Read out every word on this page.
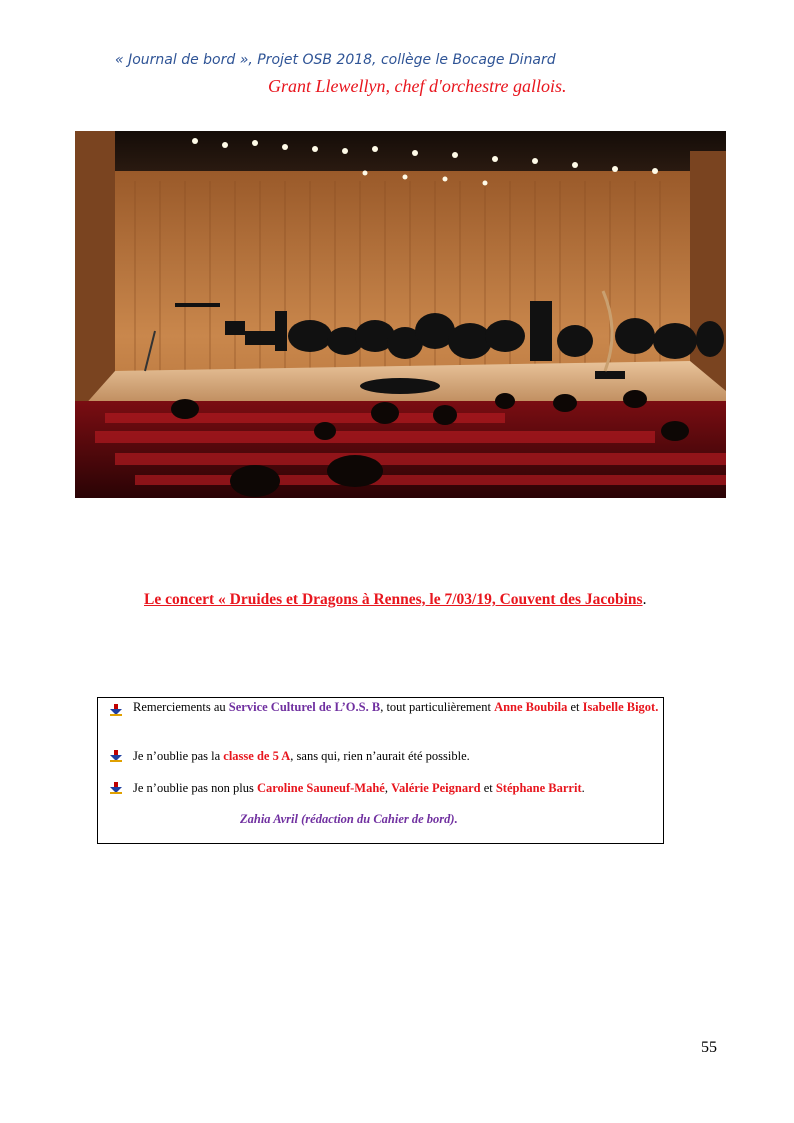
« Journal de bord », Projet OSB 2018, collège le Bocage Dinard
Grant Llewellyn, chef d'orchestre gallois.
Le concert « Druides et Dragons à Rennes, le 7/03/19, Couvent des Jacobins.
Remerciements au Service Culturel de L’O.S. B, tout particulièrement Anne Boubila et Isabelle Bigot.
Je n’oublie pas la classe de 5 A, sans qui, rien n’aurait été possible.
Je n’oublie pas non plus Caroline Sauneuf-Mahé, Valérie Peignard et Stéphane Barrit.
Zahia Avril (rédaction du Cahier de bord).
55
